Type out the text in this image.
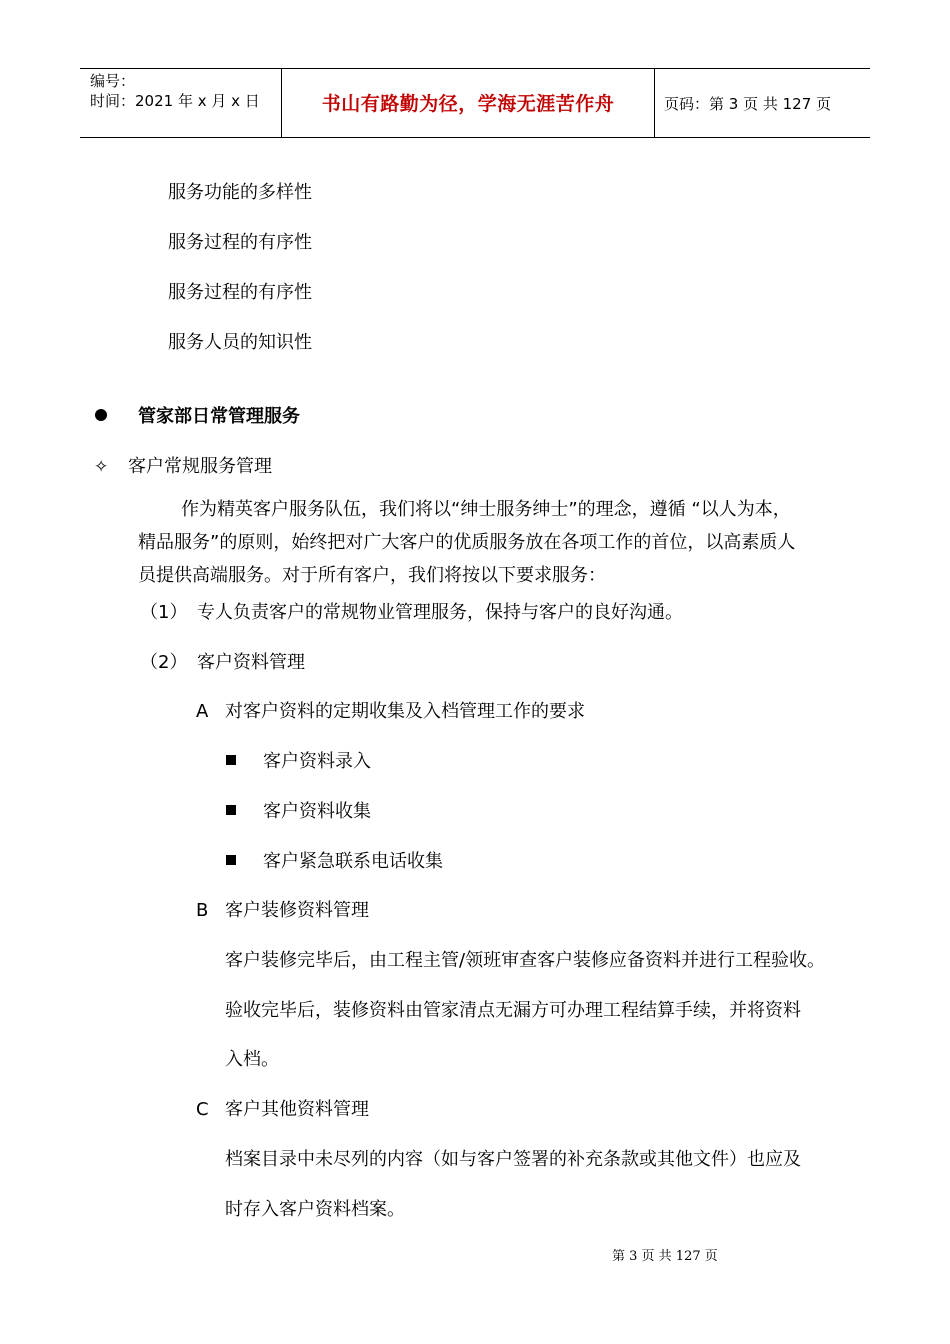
编号：
时间：2021 年 x 月 x 日	书山有路勤为径，学海无涯苦作舟	页码：第 3 页 共 127 页
服务功能的多样性
服务过程的有序性
服务过程的有序性
服务人员的知识性
管家部日常管理服务
✧ 客户常规服务管理
作为精英客户服务队伍，我们将以“绅士服务绅士”的理念，遵循 “以人为本，
精品服务”的原则，始终把对广大客户的优质服务放在各项工作的首位，以高素质人
员提供高端服务。对于所有客户，我们将按以下要求服务：
（1） 专人负责客户的常规物业管理服务，保持与客户的良好沟通。
（2） 客户资料管理
A 对客户资料的定期收集及入档管理工作的要求
客户资料录入
客户资料收集
客户紧急联系电话收集
B 客户装修资料管理
客户装修完毕后，由工程主管/领班审查客户装修应备资料并进行工程验收。
验收完毕后，装修资料由管家清点无漏方可办理工程结算手续，并将资料
入档。
C 客户其他资料管理
档案目录中未尽列的内容（如与客户签署的补充条款或其他文件）也应及
时存入客户资料档案。
第 3 页 共 127 页
